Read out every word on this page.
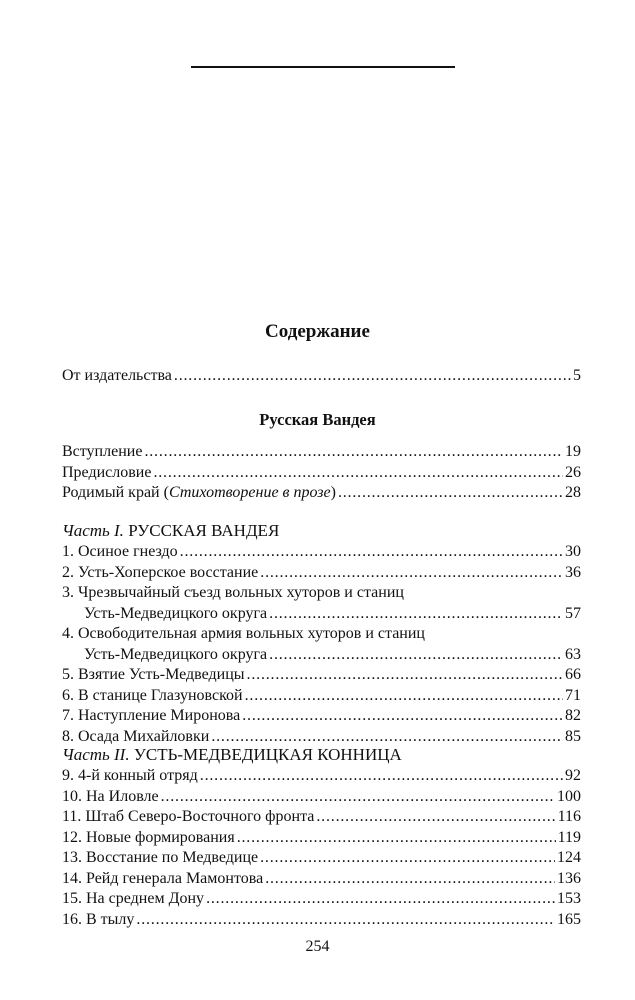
Содержание
От издательства . . .	5
Русская Вандея
Вступление . . .	19
Предисловие . . .	26
Родимый край (Стихотворение в прозе) . . .	28
Часть I. РУССКАЯ ВАНДЕЯ
1. Осиное гнездо . . .	30
2. Усть-Хоперское восстание . . .	36
3. Чрезвычайный съезд вольных хуторов и станиц
Усть-Медведицкого округа . . .	57
4. Освободительная армия вольных хуторов и станиц
Усть-Медведицкого округа . . .	63
5. Взятие Усть-Медведицы . . .	66
6. В станице Глазуновской . . .	71
7. Наступление Миронова . . .	82
8. Осада Михайловки . . .	85
Часть II. УСТЬ-МЕДВЕДИЦКАЯ КОННИЦА
9. 4-й конный отряд . . .	92
10. На Иловле . . .	100
11. Штаб Северо-Восточного фронта . . .	116
12. Новые формирования . . .	119
13. Восстание по Медведице . . .	124
14. Рейд генерала Мамонтова . . .	136
15. На среднем Дону . . .	153
16. В тылу . . .	165
254
